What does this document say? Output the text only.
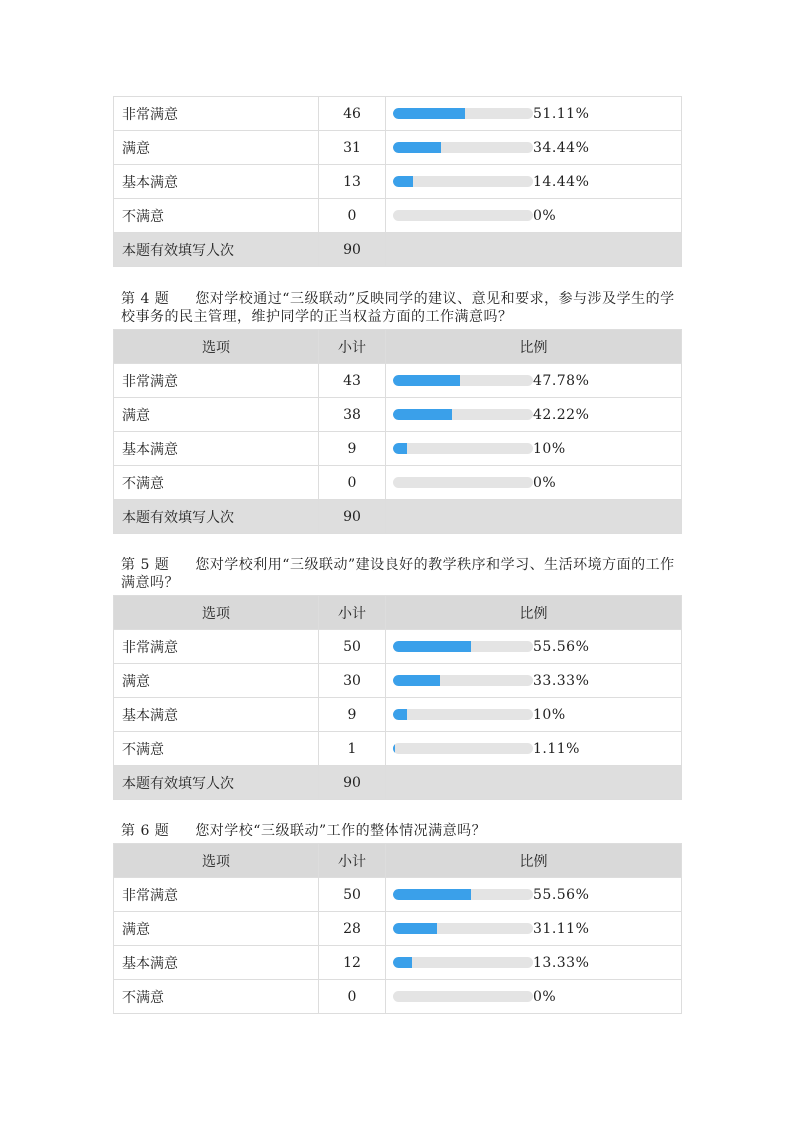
非常满意	46	51.11%
满意	31	34.44%
基本满意	13	14.44%
不满意	0	0%
本题有效填写人次	90	

第 4 题 您对学校通过“三级联动”反映同学的建议、意见和要求，参与涉及学生的学校事务的民主管理，维护同学的正当权益方面的工作满意吗？

选项	小计	比例
非常满意	43	47.78%
满意	38	42.22%
基本满意	9	10%
不满意	0	0%
本题有效填写人次	90	

第 5 题 您对学校利用“三级联动”建设良好的教学秩序和学习、生活环境方面的工作满意吗？

选项	小计	比例
非常满意	50	55.56%
满意	30	33.33%
基本满意	9	10%
不满意	1	1.11%
本题有效填写人次	90	

第 6 题 您对学校“三级联动”工作的整体情况满意吗？

选项	小计	比例
非常满意	50	55.56%
满意	28	31.11%
基本满意	12	13.33%
不满意	0	0%
